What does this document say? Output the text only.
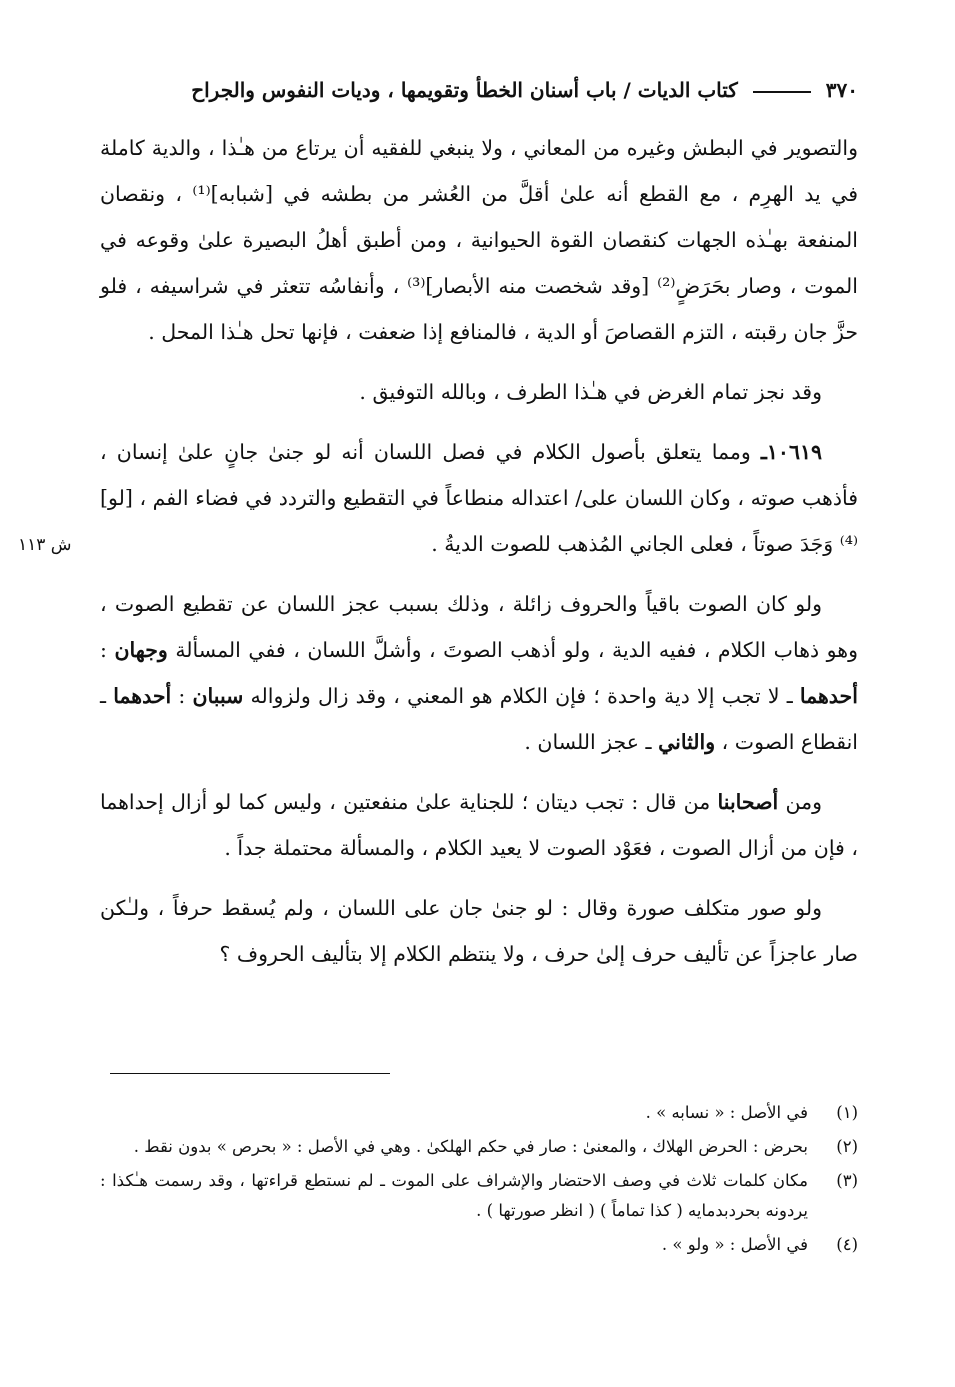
٣٧٠  كتاب الديات / باب أسنان الخطأ وتقويمها ، وديات النفوس والجراح
ش ١١٣

والتصوير في البطش وغيره من المعاني ، ولا ينبغي للفقيه أن يرتاع من هـٰذا ، والدية كاملة في يد الهرِم ، مع القطع أنه علىٰ أقلَّ من العُشر من بطشه في [شبابه]⁽¹⁾ ، ونقصان المنفعة بهـٰذه الجهات كنقصان القوة الحيوانية ، ومن أطبق أهلُ البصيرة علىٰ وقوعه في الموت ، وصار بحَرَضٍ⁽²⁾ [وقد شخصت منه الأبصار]⁽³⁾ ، وأنفاسُه تتعثر في شراسيفه ، فلو حزَّ جان رقبته ، التزم القصاصَ أو الدية ، فالمنافع إذا ضعفت ، فإنها تحل هـٰذا المحل .

وقد نجز تمام الغرض في هـٰذا الطرف ، وبالله التوفيق .

١٠٦١٩ـ ومما يتعلق بأصول الكلام في فصل اللسان أنه لو جنىٰ جانٍ علىٰ إنسان ، فأذهب صوته ، وكان اللسان على/ اعتداله منطاعاً في التقطيع والتردد في فضاء الفم ، [لو]⁽⁴⁾ وَجَدَ صوتاً ، فعلى الجاني المُذهب للصوت الديةُ .

ولو كان الصوت باقياً والحروف زائلة ، وذلك بسبب عجز اللسان عن تقطيع الصوت ، وهو ذهاب الكلام ، ففيه الدية ، ولو أذهب الصوتَ ، وأشلَّ اللسان ، ففي المسألة وجهان : أحدهما ـ لا تجب إلا دية واحدة ؛ فإن الكلام هو المعني ، وقد زال ولزواله سببان : أحدهما ـ انقطاع الصوت ، والثاني ـ عجز اللسان .

ومن أصحابنا من قال : تجب ديتان ؛ للجناية علىٰ منفعتين ، وليس كما لو أزال إحداهما ، فإن من أزال الصوت ، فعَوْد الصوت لا يعيد الكلام ، والمسألة محتملة جداً .

ولو صور متكلف صورة وقال : لو جنىٰ جان على اللسان ، ولم يُسقط حرفاً ، ولـٰكن صار عاجزاً عن تأليف حرف إلىٰ حرف ، ولا ينتظم الكلام إلا بتأليف الحروف ؟

(١)
في الأصل : « نسابه » .
(٢)
بحرض : الحرض الهلاك ، والمعنىٰ : صار في حكم الهلكىٰ . وهي في الأصل : « بحرص » بدون نقط .
(٣)
مكان كلمات ثلاث في وصف الاحتضار والإشراف على الموت ـ لم نستطع قراءتها ، وقد رسمت هـٰكذا : يردونه بحردبدمايه ( كذا تماماً ) ( انظر صورتها ) .
(٤)
في الأصل : « ولو » .
